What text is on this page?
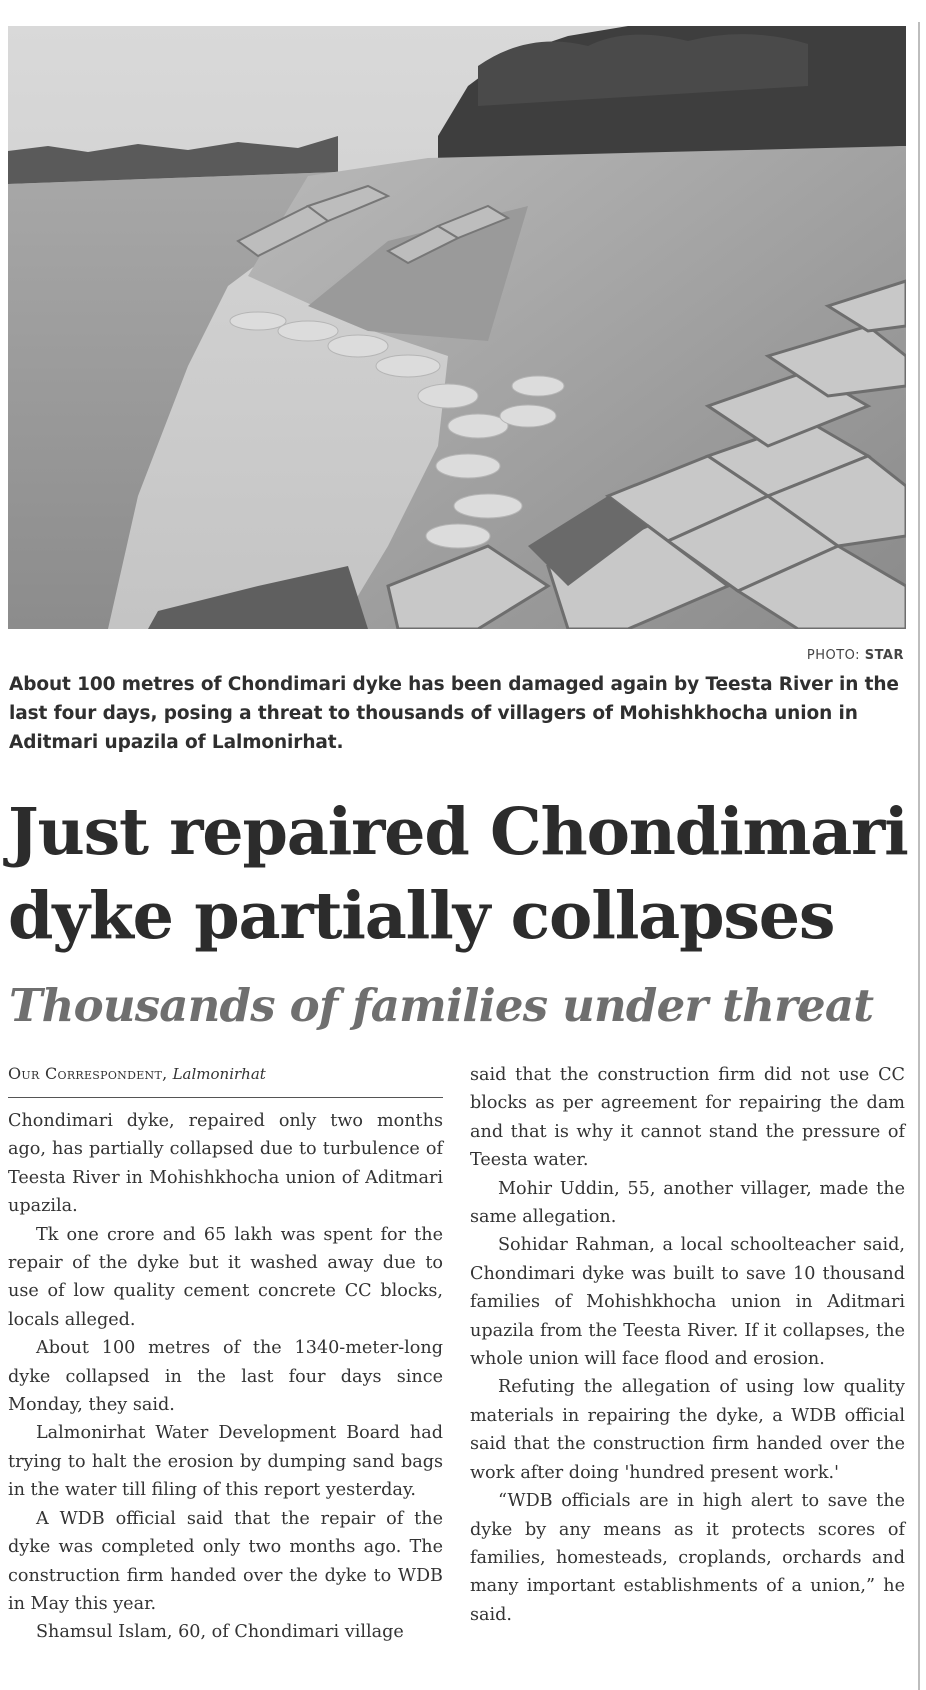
PHOTO: STAR
About 100 metres of Chondimari dyke has been damaged again by Teesta River in the last four days, posing a threat to thousands of villagers of Mohishkhocha union in Aditmari upazila of Lalmonirhat.
Just repaired Chondimari dyke partially collapses
Thousands of families under threat
Our Correspondent, Lalmonirhat

Chondimari dyke, repaired only two months ago, has partially collapsed due to turbulence of Teesta River in Mohishkhocha union of Aditmari upazila.

Tk one crore and 65 lakh was spent for the repair of the dyke but it washed away due to use of low quality cement concrete CC blocks, locals alleged.

About 100 metres of the 1340-meter-long dyke collapsed in the last four days since Monday, they said.

Lalmonirhat Water Development Board had trying to halt the erosion by dumping sand bags in the water till filing of this report yesterday.

A WDB official said that the repair of the dyke was completed only two months ago. The construction firm handed over the dyke to WDB in May this year.

Shamsul Islam, 60, of Chondimari village

said that the construction firm did not use CC blocks as per agreement for repairing the dam and that is why it cannot stand the pressure of Teesta water.

Mohir Uddin, 55, another villager, made the same allegation.

Sohidar Rahman, a local schoolteacher said, Chondimari dyke was built to save 10 thousand families of Mohishkhocha union in Aditmari upazila from the Teesta River. If it collapses, the whole union will face flood and erosion.

Refuting the allegation of using low quality materials in repairing the dyke, a WDB official said that the construction firm handed over the work after doing 'hundred present work.'

“WDB officials are in high alert to save the dyke by any means as it protects scores of families, homesteads, croplands, orchards and many important establishments of a union,” he said.
